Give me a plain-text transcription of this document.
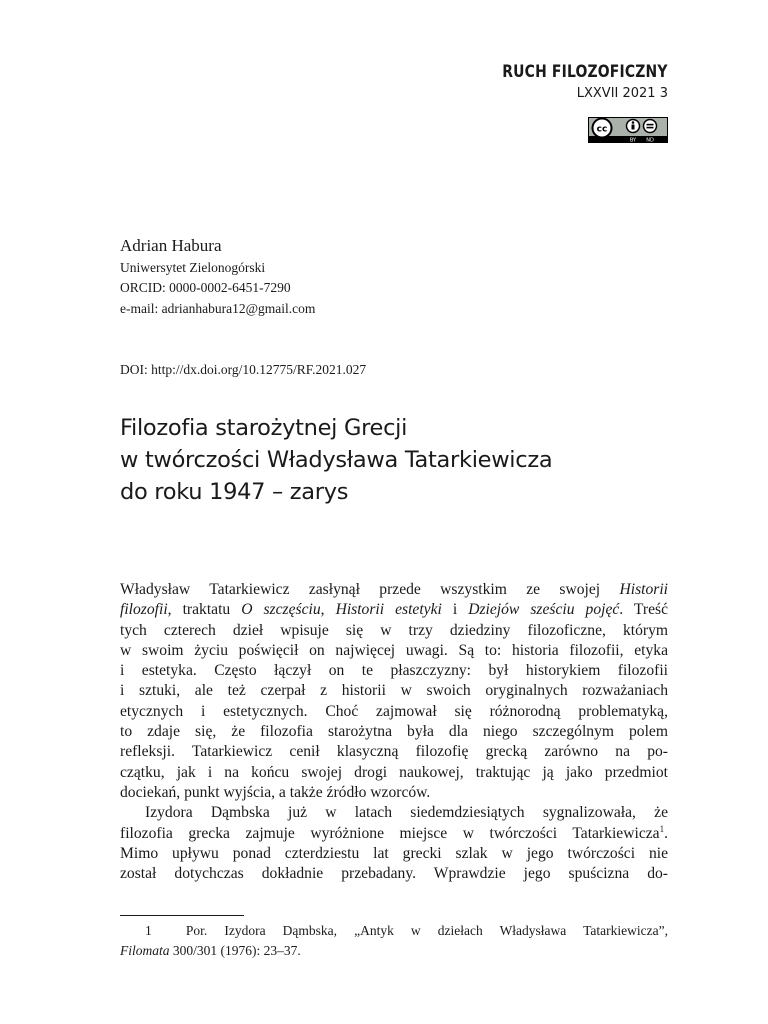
RUCH FILOZOFICZNY
LXXVII 2021 3
cc
BY ND
Adrian Habura
Uniwersytet Zielonogórski
ORCID: 0000-0002-6451-7290
e-mail: adrianhabura12@gmail.com
DOI: http://dx.doi.org/10.12775/RF.2021.027
Filozofia starożytnej Grecji
w twórczości Władysława Tatarkiewicza
do roku 1947 – zarys
Władysław Tatarkiewicz zasłynął przede wszystkim ze swojej Historii
filozofii, traktatu O szczęściu, Historii estetyki i Dziejów sześciu pojęć. Treść
tych czterech dzieł wpisuje się w trzy dziedziny filozoficzne, którym
w swoim życiu poświęcił on najwięcej uwagi. Są to: historia filozofii, etyka
i estetyka. Często łączył on te płaszczyzny: był historykiem filozofii
i sztuki, ale też czerpał z historii w swoich oryginalnych rozważaniach
etycznych i estetycznych. Choć zajmował się różnorodną problematyką,
to zdaje się, że filozofia starożytna była dla niego szczególnym polem
refleksji. Tatarkiewicz cenił klasyczną filozofię grecką zarówno na po-
czątku, jak i na końcu swojej drogi naukowej, traktując ją jako przedmiot
dociekań, punkt wyjścia, a także źródło wzorców.
Izydora Dąmbska już w latach siedemdziesiątych sygnalizowała, że
filozofia grecka zajmuje wyróżnione miejsce w twórczości Tatarkiewicza$^1$.
Mimo upływu ponad czterdziestu lat grecki szlak w jego twórczości nie
został dotychczas dokładnie przebadany. Wprawdzie jego spuścizna do-
1	Por. Izydora Dąmbska, „Antyk w dziełach Władysława Tatarkiewicza”,
Filomata 300/301 (1976): 23–37.
